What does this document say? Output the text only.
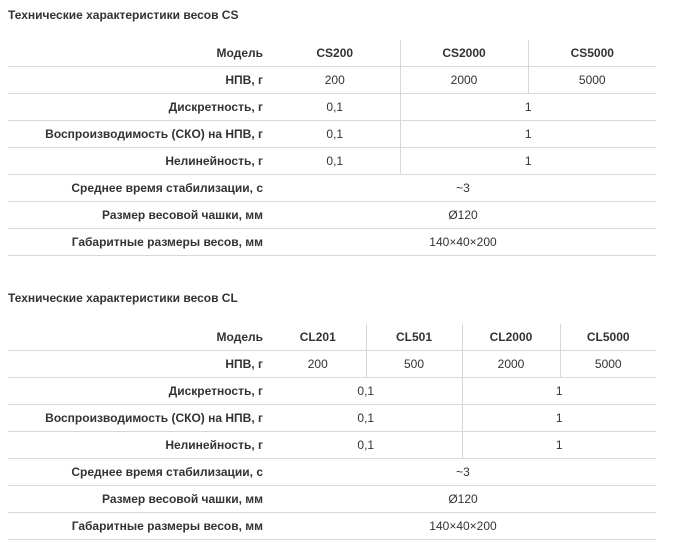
Технические характеристики весов CS
Модель	CS200	CS2000	CS5000
НПВ, г	200	2000	5000
Дискретность, г	0,1	1	
Воспроизводимость (СКО) на НПВ, г	0,1	1	
Нелинейность, г	0,1	1	
Среднее время стабилизации, с	~3		
Размер весовой чашки, мм	Ø120		
Габаритные размеры весов, мм	140×40×200		
Технические характеристики весов CL
Модель	CL201	CL501	CL2000	CL5000
НПВ, г	200	500	2000	5000
Дискретность, г	0,1		1	
Воспроизводимость (СКО) на НПВ, г	0,1		1	
Нелинейность, г	0,1		1	
Среднее время стабилизации, с	~3			
Размер весовой чашки, мм	Ø120			
Габаритные размеры весов, мм	140×40×200			
